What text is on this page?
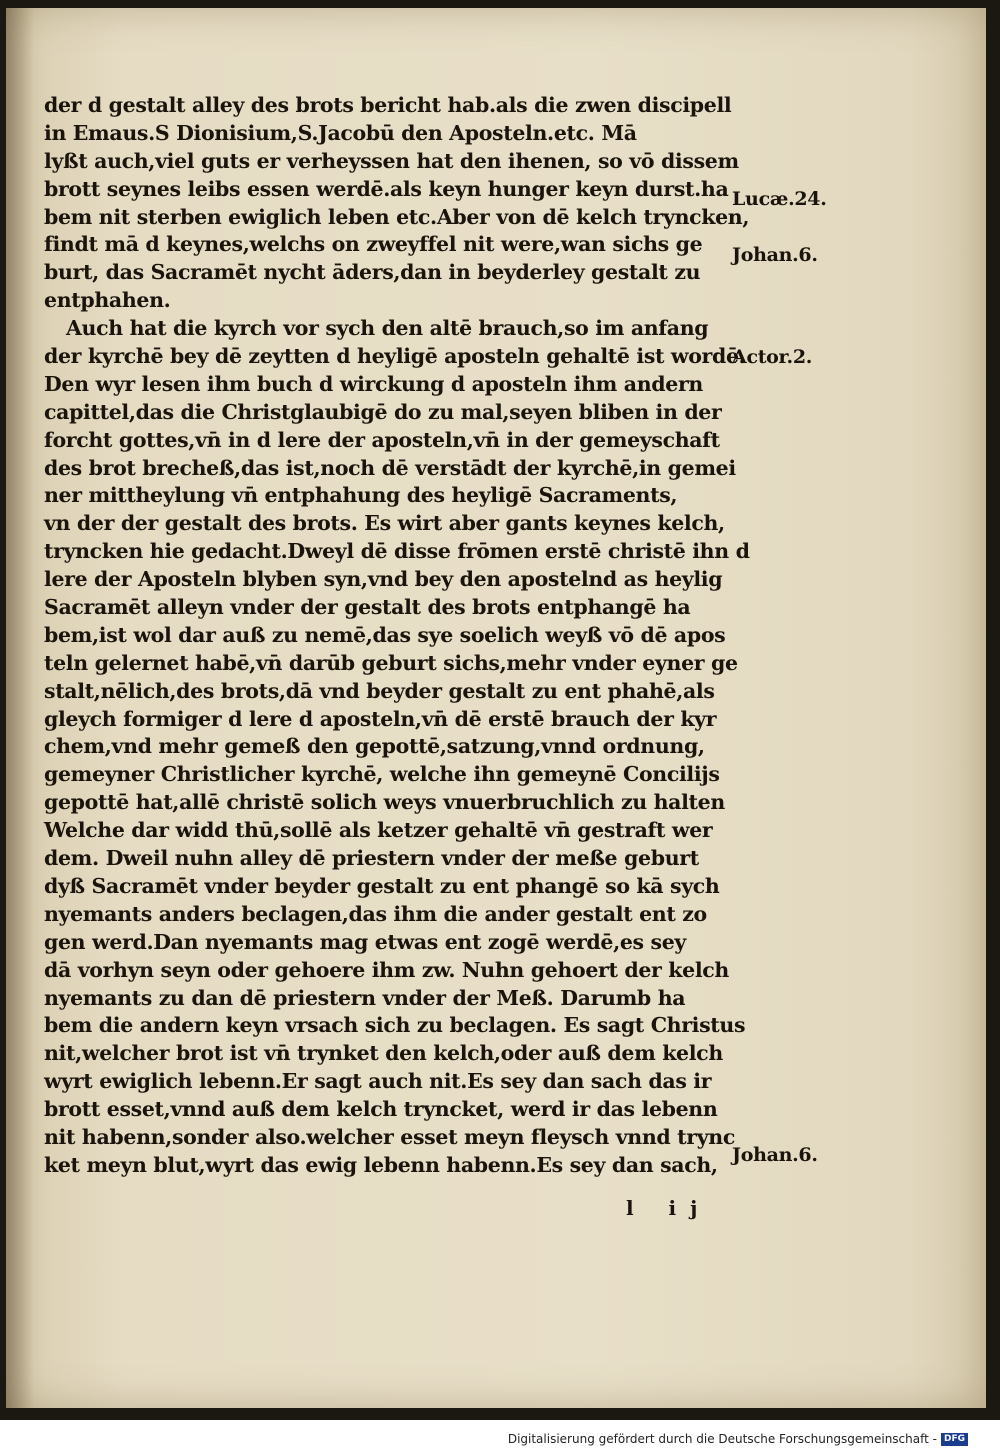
der d gestalt alley des brots bericht hab.als die zwen discipell
in Emaus.S Dionisium,S.Jacobū den Aposteln.etc. Mā
lyßt auch,viel guts er verheyssen hat den ihenen, so vō dissem
brott seynes leibs essen werdē.als keyn hunger keyn durst.ha
bem nit sterben ewiglich leben etc.Aber von dē kelch tryncken,
findt mā d keynes,welchs on zweyffel nit were,wan sichs ge
burt, das Sacramēt nycht āders,dan in beyderley gestalt zu
entphahen.
Auch hat die kyrch vor sych den altē brauch,so im anfang
der kyrchē bey dē zeytten d heyligē aposteln gehaltē ist wordē.
Den wyr lesen ihm buch d wirckung d aposteln ihm andern
capittel,das die Christglaubigē do zu mal,seyen bliben in der
forcht gottes,vn̄ in d lere der aposteln,vn̄ in der gemeyschaft
des brot brecheß,das ist,noch dē verstādt der kyrchē,in gemei
ner mittheylung vn̄ entphahung des heyligē Sacraments,
vn der der gestalt des brots. Es wirt aber gants keynes kelch,
tryncken hie gedacht.Dweyl dē disse frōmen erstē christē ihn d
lere der Aposteln blyben syn,vnd bey den apostelnd as heylig
Sacramēt alleyn vnder der gestalt des brots entphangē ha
bem,ist wol dar auß zu nemē,das sye soelich weyß vō dē apos
teln gelernet habē,vn̄ darūb geburt sichs,mehr vnder eyner ge
stalt,nēlich,des brots,dā vnd beyder gestalt zu ent phahē,als
gleych formiger d lere d aposteln,vn̄ dē erstē brauch der kyr
chem,vnd mehr gemeß den gepottē,satzung,vnnd ordnung,
gemeyner Christlicher kyrchē, welche ihn gemeynē Concilijs
gepottē hat,allē christē solich weys vnuerbruchlich zu halten
Welche dar widd thū,sollē als ketzer gehaltē vn̄ gestraft wer
dem. Dweil nuhn alley dē priestern vnder der meße geburt
dyß Sacramēt vnder beyder gestalt zu ent phangē so kā sych
nyemants anders beclagen,das ihm die ander gestalt ent zo
gen werd.Dan nyemants mag etwas ent zogē werdē,es sey
dā vorhyn seyn oder gehoere ihm zw. Nuhn gehoert der kelch
nyemants zu dan dē priestern vnder der Meß. Darumb ha
bem die andern keyn vrsach sich zu beclagen. Es sagt Christus
nit,welcher brot ist vn̄ trynket den kelch,oder auß dem kelch
wyrt ewiglich lebenn.Er sagt auch nit.Es sey dan sach das ir
brott esset,vnnd auß dem kelch tryncket, werd ir das lebenn
nit habenn,sonder also.welcher esset meyn fleysch vnnd trync
ket meyn blut,wyrt das ewig lebenn habenn.Es sey dan sach,
Lucæ.24.
Johan.6.
Actor.2.
Johan.6.
l ij
Digitalisierung gefördert durch die Deutsche Forschungsgemeinschaft - DFG
